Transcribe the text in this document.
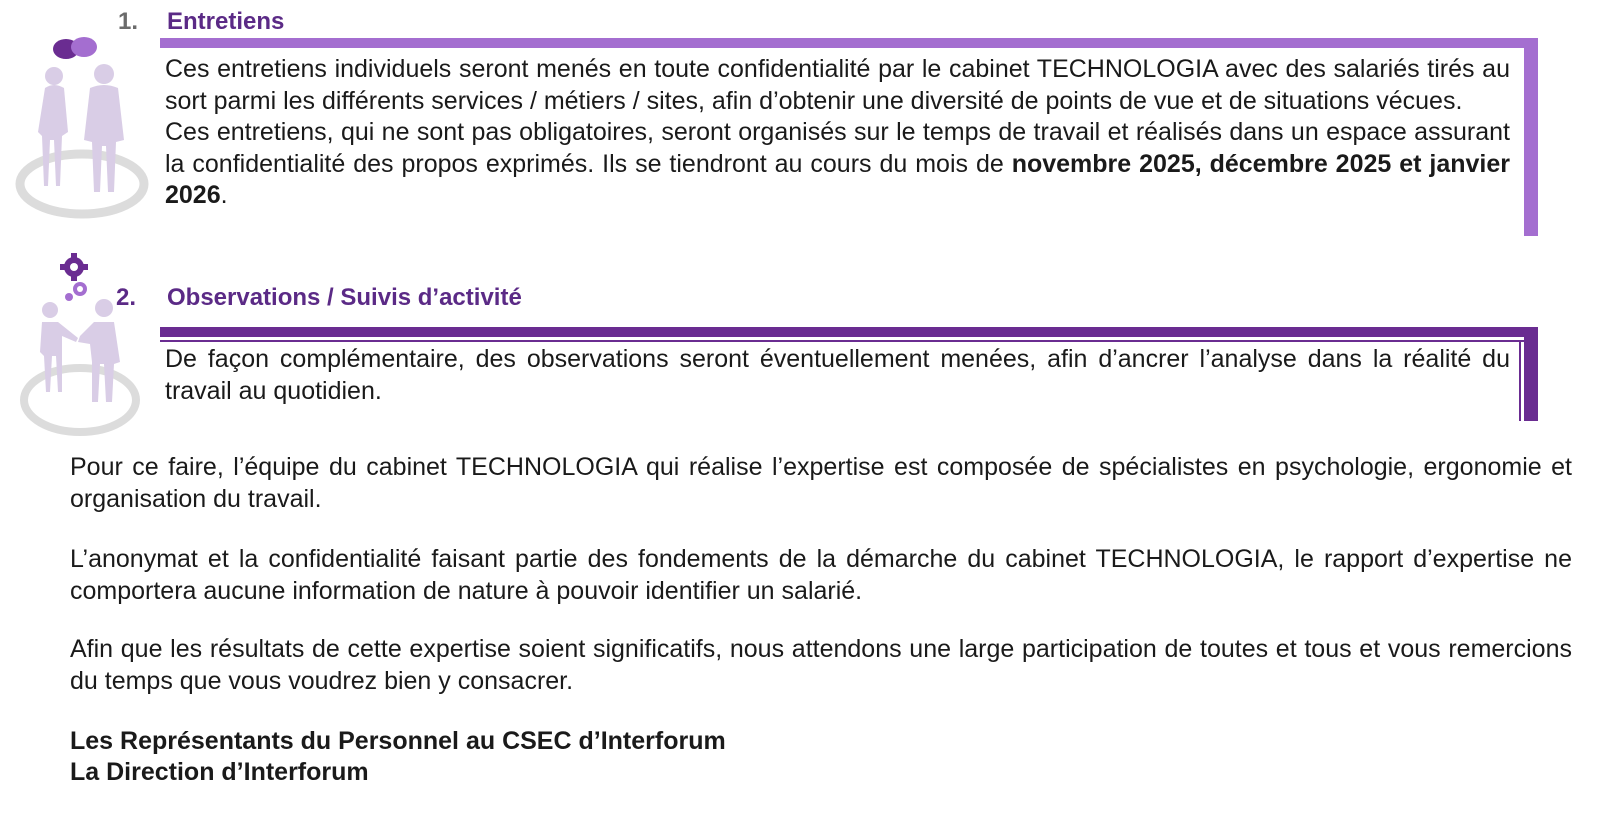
1. Entretiens

Ces entretiens individuels seront menés en toute confidentialité par le cabinet TECHNOLOGIA avec des salariés tirés au sort parmi les différents services / métiers / sites, afin d’obtenir une diversité de points de vue et de situations vécues.

Ces entretiens, qui ne sont pas obligatoires, seront organisés sur le temps de travail et réalisés dans un espace assurant la confidentialité des propos exprimés. Ils se tiendront au cours du mois de novembre 2025, décembre 2025 et janvier 2026.

2. Observations / Suivis d’activité

De façon complémentaire, des observations seront éventuellement menées, afin d’ancrer l’analyse dans la réalité du travail au quotidien.

Pour ce faire, l’équipe du cabinet TECHNOLOGIA qui réalise l’expertise est composée de spécialistes en psychologie, ergonomie et organisation du travail.
L’anonymat et la confidentialité faisant partie des fondements de la démarche du cabinet TECHNOLOGIA, le rapport d’expertise ne comportera aucune information de nature à pouvoir identifier un salarié.
Afin que les résultats de cette expertise soient significatifs, nous attendons une large participation de toutes et tous et vous remercions du temps que vous voudrez bien y consacrer.
Les Représentants du Personnel au CSEC d’Interforum
La Direction d’Interforum
